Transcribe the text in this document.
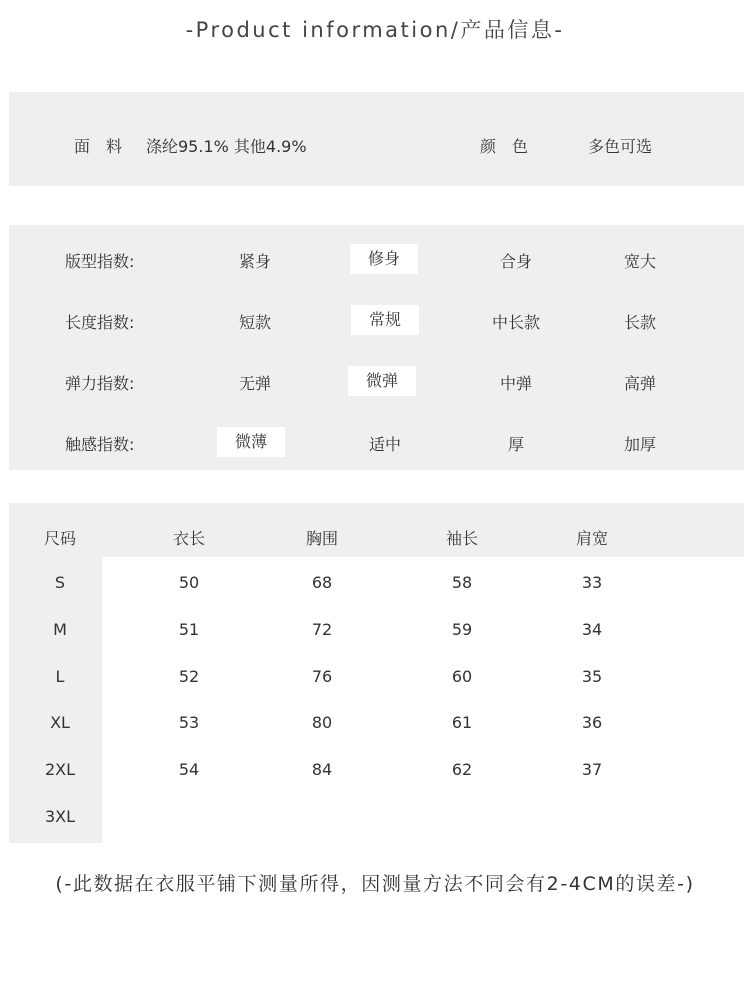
-Product information/产品信息-
面　料 涤纶95.1% 其他4.9%	颜　色	多色可选
版型指数:	紧身	修身	合身	宽大
长度指数:	短款	常规	中长款	长款
弹力指数:	无弹	微弹	中弹	高弹
触感指数:	微薄	适中	厚	加厚
尺码	衣长	胸围	袖长	肩宽
S	50	68	58	33
M	51	72	59	34
L	52	76	60	35
XL	53	80	61	36
2XL	54	84	62	37
3XL
(-此数据在衣服平铺下测量所得，因测量方法不同会有2-4CM的误差-)
